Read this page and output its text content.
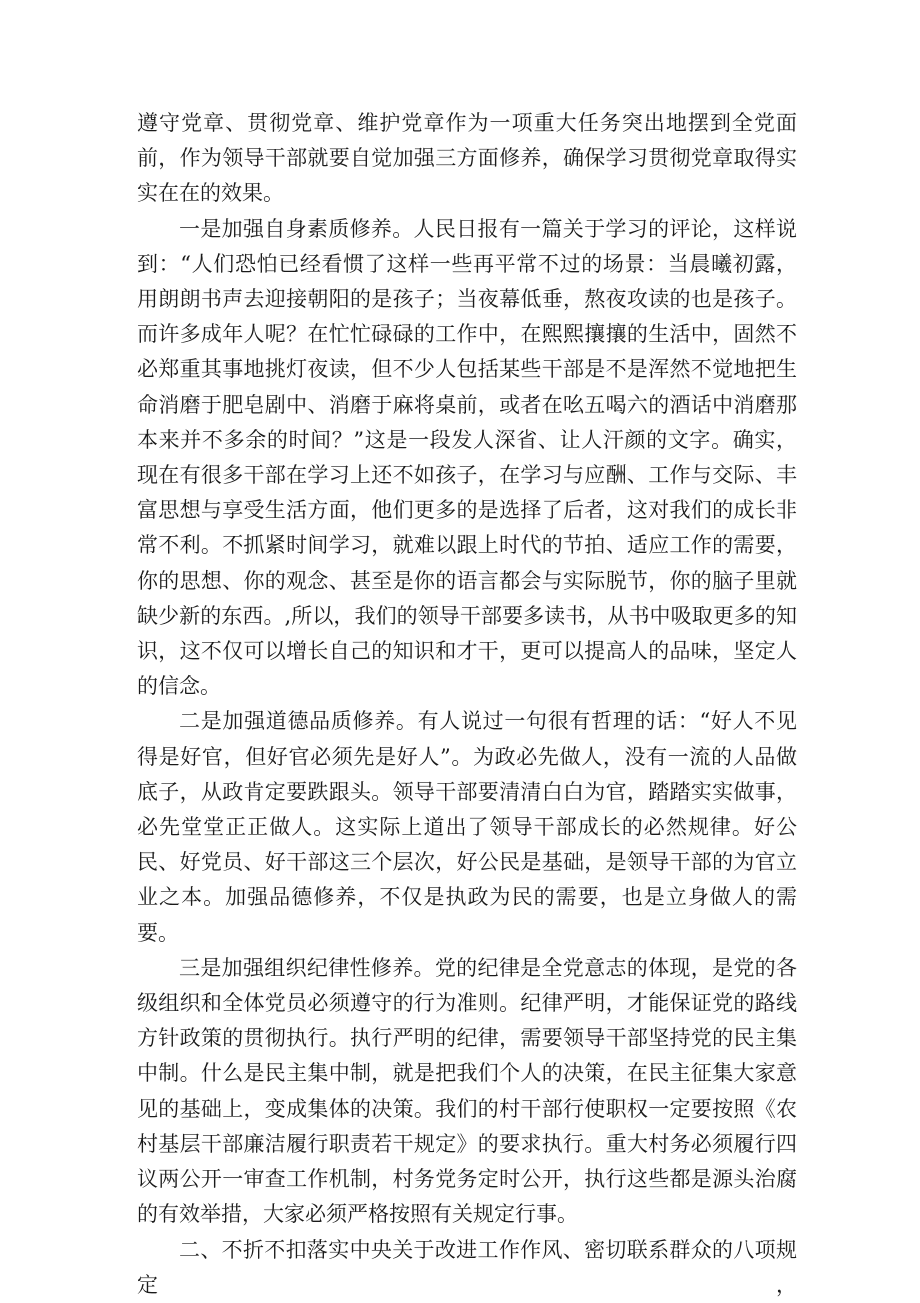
遵守党章、贯彻党章、维护党章作为一项重大任务突出地摆到全党面前，作为领导干部就要自觉加强三方面修养，确保学习贯彻党章取得实实在在的效果。

一是加强自身素质修养。人民日报有一篇关于学习的评论，这样说到：“人们恐怕已经看惯了这样一些再平常不过的场景：当晨曦初露，用朗朗书声去迎接朝阳的是孩子；当夜幕低垂，熬夜攻读的也是孩子。而许多成年人呢？在忙忙碌碌的工作中，在熙熙攘攘的生活中，固然不必郑重其事地挑灯夜读，但不少人包括某些干部是不是浑然不觉地把生命消磨于肥皂剧中、消磨于麻将桌前，或者在吆五喝六的酒话中消磨那本来并不多余的时间？”这是一段发人深省、让人汗颜的文字。确实，现在有很多干部在学习上还不如孩子，在学习与应酬、工作与交际、丰富思想与享受生活方面，他们更多的是选择了后者，这对我们的成长非常不利。不抓紧时间学习，就难以跟上时代的节拍、适应工作的需要，你的思想、你的观念、甚至是你的语言都会与实际脱节，你的脑子里就缺少新的东西。,所以，我们的领导干部要多读书，从书中吸取更多的知识，这不仅可以增长自己的知识和才干，更可以提高人的品味，坚定人的信念。

二是加强道德品质修养。有人说过一句很有哲理的话：“好人不见得是好官，但好官必须先是好人”。为政必先做人，没有一流的人品做底子，从政肯定要跌跟头。领导干部要清清白白为官，踏踏实实做事，必先堂堂正正做人。这实际上道出了领导干部成长的必然规律。好公民、好党员、好干部这三个层次，好公民是基础，是领导干部的为官立业之本。加强品德修养，不仅是执政为民的需要，也是立身做人的需要。

三是加强组织纪律性修养。党的纪律是全党意志的体现，是党的各级组织和全体党员必须遵守的行为准则。纪律严明，才能保证党的路线方针政策的贯彻执行。执行严明的纪律，需要领导干部坚持党的民主集中制。什么是民主集中制，就是把我们个人的决策，在民主征集大家意见的基础上，变成集体的决策。我们的村干部行使职权一定要按照《农村基层干部廉洁履行职责若干规定》的要求执行。重大村务必须履行四议两公开一审查工作机制，村务党务定时公开，执行这些都是源头治腐的有效举措，大家必须严格按照有关规定行事。

二、不折不扣落实中央关于改进工作作风、密切联系群众的八项规定，
